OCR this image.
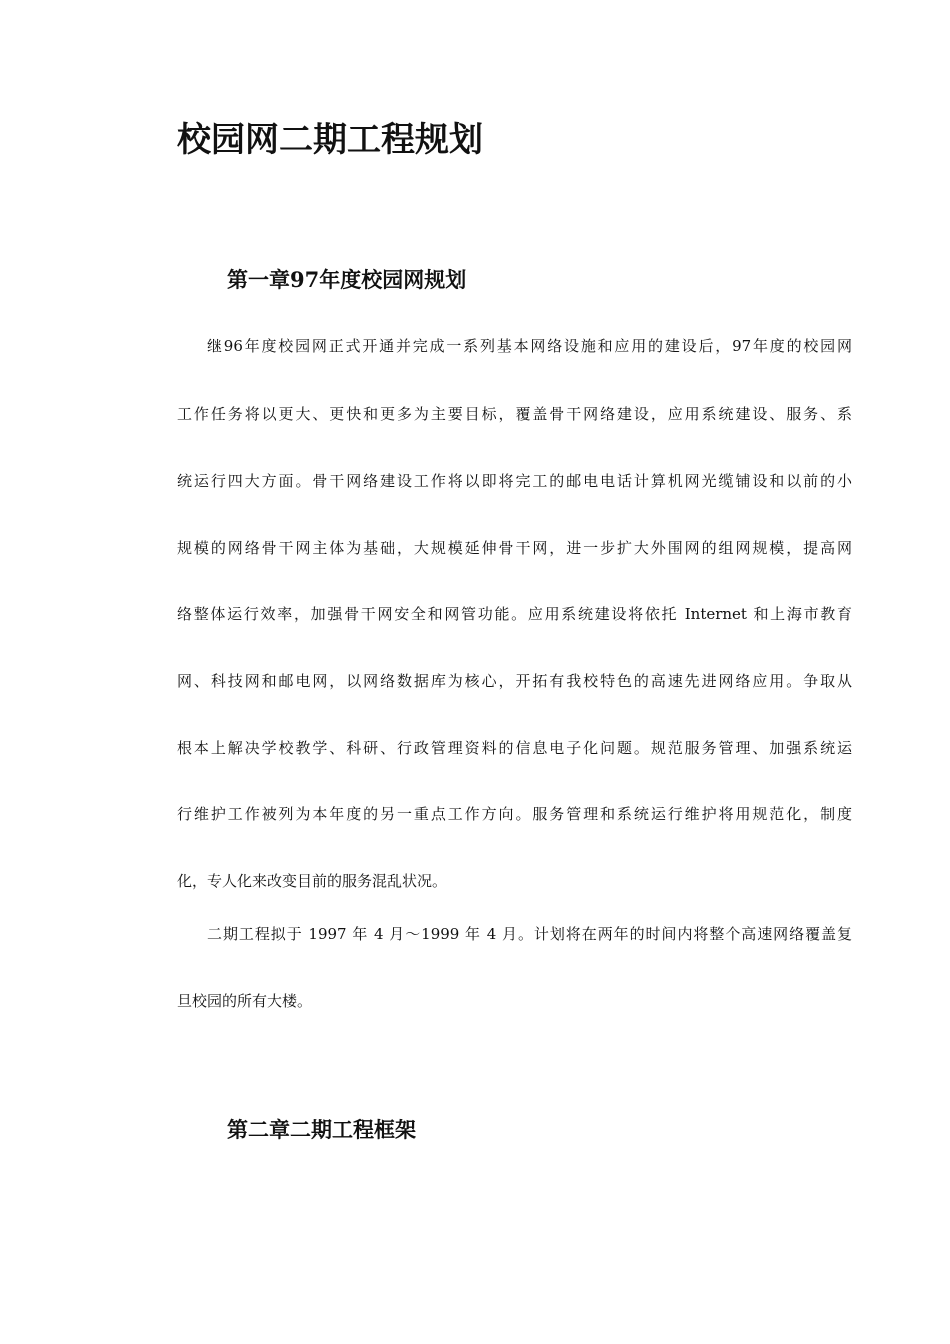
校园网二期工程规划
第一章97年度校园网规划

继96年度校园网正式开通并完成一系列基本网络设施和应用的建设后，97年度的校园网

工作任务将以更大、更快和更多为主要目标，覆盖骨干网络建设，应用系统建设、服务、系

统运行四大方面。骨干网络建设工作将以即将完工的邮电电话计算机网光缆铺设和以前的小

规模的网络骨干网主体为基础，大规模延伸骨干网，进一步扩大外围网的组网规模，提高网

络整体运行效率，加强骨干网安全和网管功能。应用系统建设将依托 Internet 和上海市教育

网、科技网和邮电网，以网络数据库为核心，开拓有我校特色的高速先进网络应用。争取从

根本上解决学校教学、科研、行政管理资料的信息电子化问题。规范服务管理、加强系统运

行维护工作被列为本年度的另一重点工作方向。服务管理和系统运行维护将用规范化，制度

化，专人化来改变目前的服务混乱状况。

二期工程拟于 1997 年 4 月～1999 年 4 月。计划将在两年的时间内将整个高速网络覆盖复

旦校园的所有大楼。

第二章二期工程框架
